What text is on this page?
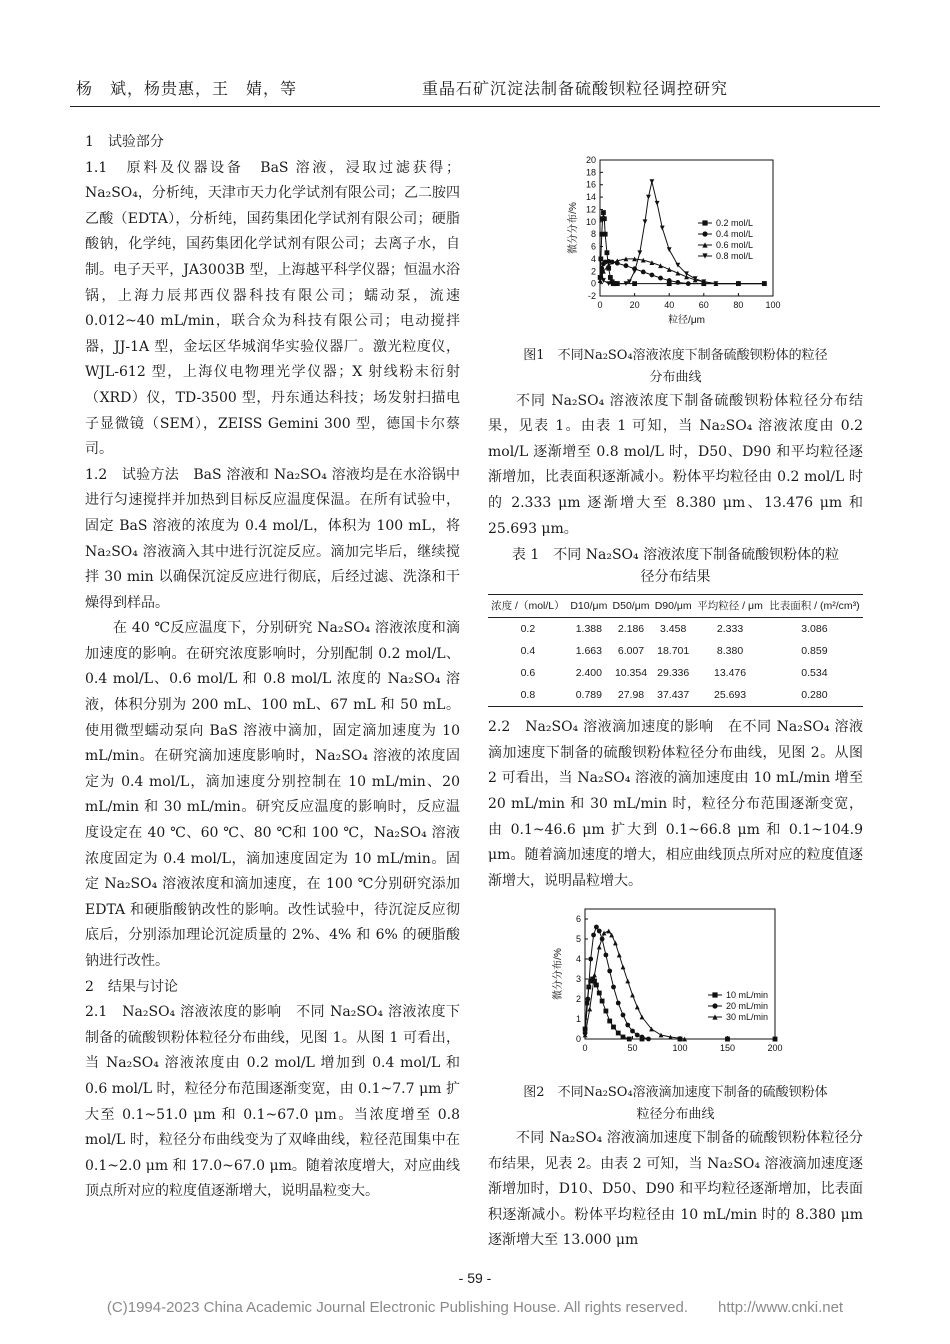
杨　斌，杨贵惠，王　婧，等	重晶石矿沉淀法制备硫酸钡粒径调控研究

1　试验部分

1.1　原料及仪器设备　BaS 溶液，浸取过滤获得；Na₂SO₄，分析纯，天津市天力化学试剂有限公司；乙二胺四乙酸（EDTA），分析纯，国药集团化学试剂有限公司；硬脂酸钠，化学纯，国药集团化学试剂有限公司；去离子水，自制。电子天平，JA3003B 型，上海越平科学仪器；恒温水浴锅，上海力辰邦西仪器科技有限公司；蠕动泵，流速 0.012~40 mL/min，联合众为科技有限公司；电动搅拌器，JJ-1A 型，金坛区华城润华实验仪器厂。激光粒度仪，WJL-612 型，上海仪电物理光学仪器；X 射线粉末衍射（XRD）仪，TD-3500 型，丹东通达科技；场发射扫描电子显微镜（SEM），ZEISS Gemini 300 型，德国卡尔蔡司。

1.2　试验方法　BaS 溶液和 Na₂SO₄ 溶液均是在水浴锅中进行匀速搅拌并加热到目标反应温度保温。在所有试验中，固定 BaS 溶液的浓度为 0.4 mol/L，体积为 100 mL，将 Na₂SO₄ 溶液滴入其中进行沉淀反应。滴加完毕后，继续搅拌 30 min 以确保沉淀反应进行彻底，后经过滤、洗涤和干燥得到样品。

在 40 ℃反应温度下，分别研究 Na₂SO₄ 溶液浓度和滴加速度的影响。在研究浓度影响时，分别配制 0.2 mol/L、0.4 mol/L、0.6 mol/L 和 0.8 mol/L 浓度的 Na₂SO₄ 溶液，体积分别为 200 mL、100 mL、67 mL 和 50 mL。使用微型蠕动泵向 BaS 溶液中滴加，固定滴加速度为 10 mL/min。在研究滴加速度影响时，Na₂SO₄ 溶液的浓度固定为 0.4 mol/L，滴加速度分别控制在 10 mL/min、20 mL/min 和 30 mL/min。研究反应温度的影响时，反应温度设定在 40 ℃、60 ℃、80 ℃和 100 ℃，Na₂SO₄ 溶液浓度固定为 0.4 mol/L，滴加速度固定为 10 mL/min。固定 Na₂SO₄ 溶液浓度和滴加速度，在 100 ℃分别研究添加 EDTA 和硬脂酸钠改性的影响。改性试验中，待沉淀反应彻底后，分别添加理论沉淀质量的 2%、4% 和 6% 的硬脂酸钠进行改性。

2　结果与讨论

2.1　Na₂SO₄ 溶液浓度的影响　不同 Na₂SO₄ 溶液浓度下制备的硫酸钡粉体粒径分布曲线，见图 1。从图 1 可看出，当 Na₂SO₄ 溶液浓度由 0.2 mol/L 增加到 0.4 mol/L 和 0.6 mol/L 时，粒径分布范围逐渐变宽，由 0.1~7.7 μm 扩大至 0.1~51.0 μm 和 0.1~67.0 μm。当浓度增至 0.8 mol/L 时，粒径分布曲线变为了双峰曲线，粒径范围集中在 0.1~2.0 μm 和 17.0~67.0 μm。随着浓度增大，对应曲线顶点所对应的粒度值逐渐增大，说明晶粒变大。

0	20	40	60	80 100
-2
0
2
4
6
8
10
12
14
16
18
20
粒径/μm
微分分布/%	0.2 mol/L
0.4 mol/L
0.6 mol/L
0.8 mol/L
图1　不同Na₂SO₄溶液浓度下制备硫酸钡粉体的粒径
分布曲线

不同 Na₂SO₄ 溶液浓度下制备硫酸钡粉体粒径分布结果，见表 1。由表 1 可知，当 Na₂SO₄ 溶液浓度由 0.2 mol/L 逐渐增至 0.8 mol/L 时，D50、D90 和平均粒径逐渐增加，比表面积逐渐减小。粉体平均粒径由 0.2 mol/L 时的 2.333 μm 逐渐增大至 8.380 μm、13.476 μm 和 25.693 μm。

表 1　不同 Na₂SO₄ 溶液浓度下制备硫酸钡粉体的粒
径分布结果
浓度 /（mol/L）	D10/μm	D50/μm	D90/μm	平均粒径 / μm	比表面积 / (m²/cm³)
0.2	1.388	2.186	3.458	2.333	3.086
0.4	1.663	6.007	18.701	8.380	0.859
0.6	2.400	10.354	29.336	13.476	0.534
0.8	0.789	27.98	37.437	25.693	0.280

2.2　Na₂SO₄ 溶液滴加速度的影响　在不同 Na₂SO₄ 溶液滴加速度下制备的硫酸钡粉体粒径分布曲线，见图 2。从图 2 可看出，当 Na₂SO₄ 溶液的滴加速度由 10 mL/min 增至 20 mL/min 和 30 mL/min 时，粒径分布范围逐渐变宽，由 0.1~46.6 μm 扩大到 0.1~66.8 μm 和 0.1~104.9 μm。随着滴加速度的增大，相应曲线顶点所对应的粒度值逐渐增大，说明晶粒增大。

0	50	100	150	200
0
1
2
3
4
5
6
微分分布/%	10 mL/min
20 mL/min
30 mL/min
图2　不同Na₂SO₄溶液滴加速度下制备的硫酸钡粉体
粒径分布曲线

不同 Na₂SO₄ 溶液滴加速度下制备的硫酸钡粉体粒径分布结果，见表 2。由表 2 可知，当 Na₂SO₄ 溶液滴加速度逐渐增加时，D10、D50、D90 和平均粒径逐渐增加，比表面积逐渐减小。粉体平均粒径由 10 mL/min 时的 8.380 μm 逐渐增大至 13.000 μm

- 59 -
(C)1994-2023 China Academic Journal Electronic Publishing House. All rights reserved.　　http://www.cnki.net
